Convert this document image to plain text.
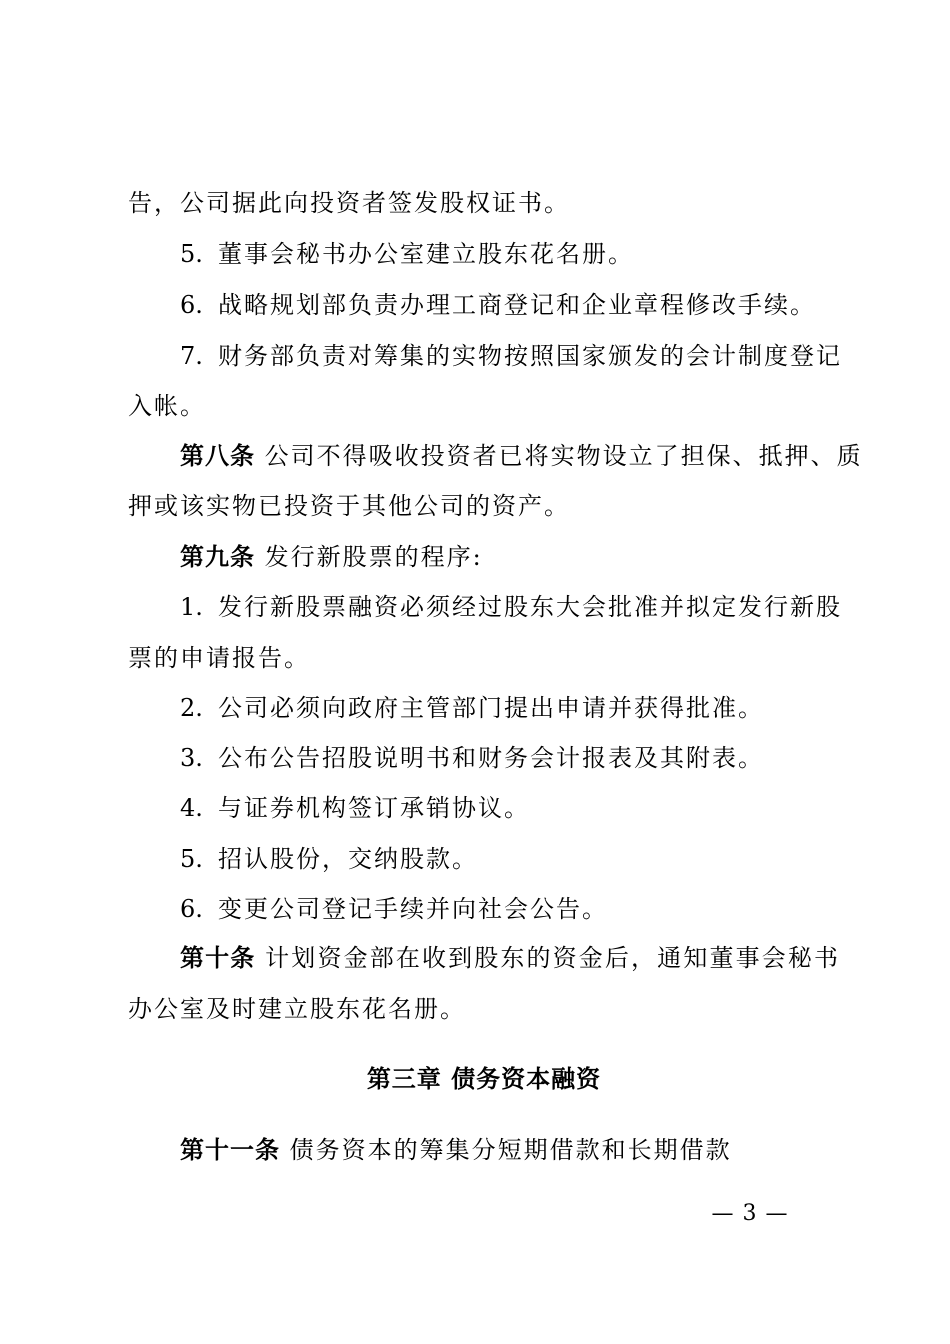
告，公司据此向投资者签发股权证书。
5. 董事会秘书办公室建立股东花名册。
6. 战略规划部负责办理工商登记和企业章程修改手续。
7. 财务部负责对筹集的实物按照国家颁发的会计制度登记
入帐。
第八条 公司不得吸收投资者已将实物设立了担保、抵押、质
押或该实物已投资于其他公司的资产。
第九条 发行新股票的程序:
1. 发行新股票融资必须经过股东大会批准并拟定发行新股
票的申请报告。
2. 公司必须向政府主管部门提出申请并获得批准。
3. 公布公告招股说明书和财务会计报表及其附表。
4. 与证券机构签订承销协议。
5. 招认股份，交纳股款。
6. 变更公司登记手续并向社会公告。
第十条 计划资金部在收到股东的资金后，通知董事会秘书
办公室及时建立股东花名册。
第三章 债务资本融资
第十一条 债务资本的筹集分短期借款和长期借款
— 3 —
